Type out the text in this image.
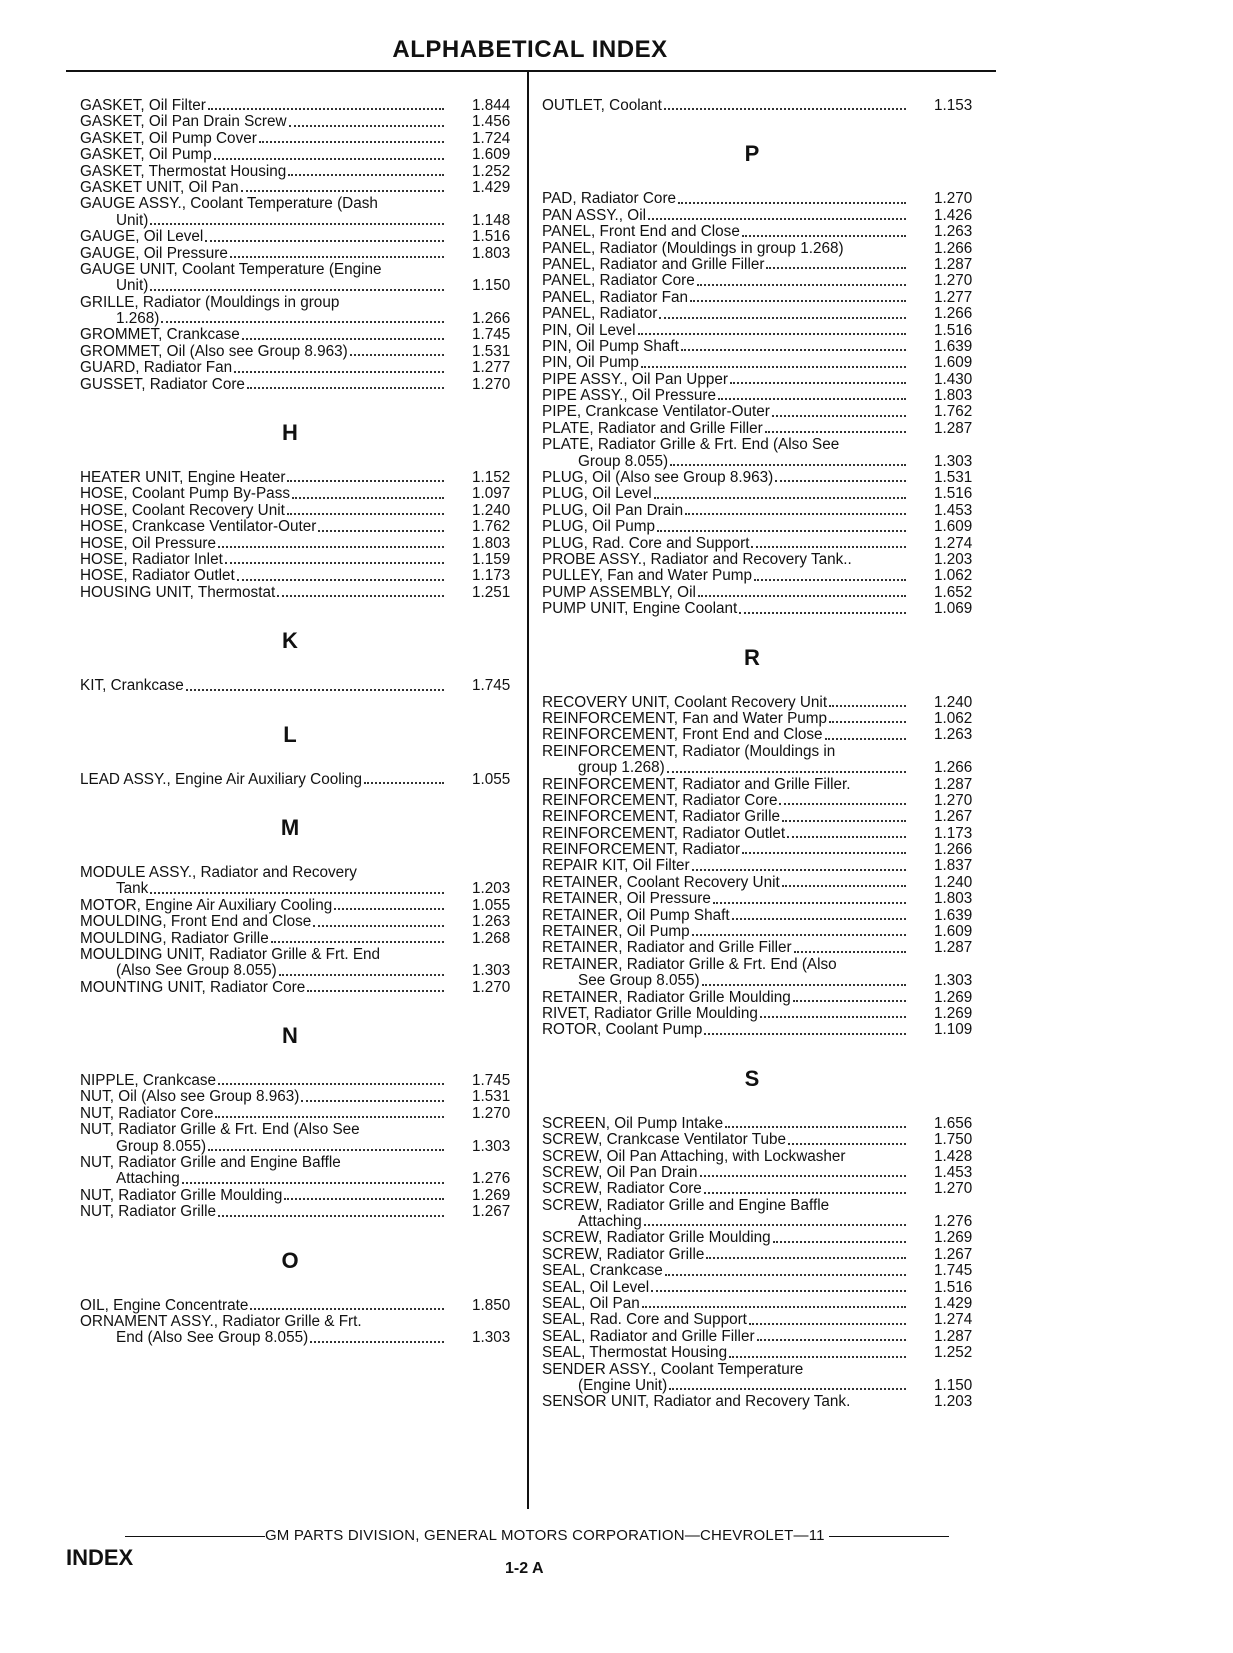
ALPHABETICAL INDEX
GASKET, Oil Filter	1.844
GASKET, Oil Pan Drain Screw	1.456
GASKET, Oil Pump Cover	1.724
GASKET, Oil Pump	1.609
GASKET, Thermostat Housing	1.252
GASKET UNIT, Oil Pan	1.429
GAUGE ASSY., Coolant Temperature (Dash
Unit)	1.148
GAUGE, Oil Level	1.516
GAUGE, Oil Pressure	1.803
GAUGE UNIT, Coolant Temperature (Engine
Unit)	1.150
GRILLE, Radiator (Mouldings in group
1.268)	1.266
GROMMET, Crankcase	1.745
GROMMET, Oil (Also see Group 8.963)	1.531
GUARD, Radiator Fan	1.277
GUSSET, Radiator Core	1.270
H
HEATER UNIT, Engine Heater	1.152
HOSE, Coolant Pump By-Pass	1.097
HOSE, Coolant Recovery Unit	1.240
HOSE, Crankcase Ventilator-Outer	1.762
HOSE, Oil Pressure	1.803
HOSE, Radiator Inlet	1.159
HOSE, Radiator Outlet	1.173
HOUSING UNIT, Thermostat	1.251
K
KIT, Crankcase	1.745
L
LEAD ASSY., Engine Air Auxiliary Cooling	1.055
M
MODULE ASSY., Radiator and Recovery
Tank	1.203
MOTOR, Engine Air Auxiliary Cooling	1.055
MOULDING, Front End and Close	1.263
MOULDING, Radiator Grille	1.268
MOULDING UNIT, Radiator Grille & Frt. End
(Also See Group 8.055)	1.303
MOUNTING UNIT, Radiator Core	1.270
N
NIPPLE, Crankcase	1.745
NUT, Oil (Also see Group 8.963)	1.531
NUT, Radiator Core	1.270
NUT, Radiator Grille & Frt. End (Also See
Group 8.055)	1.303
NUT, Radiator Grille and Engine Baffle
Attaching	1.276
NUT, Radiator Grille Moulding	1.269
NUT, Radiator Grille	1.267
O
OIL, Engine Concentrate	1.850
ORNAMENT ASSY., Radiator Grille & Frt.
End (Also See Group 8.055)	1.303
OUTLET, Coolant	1.153
P
PAD, Radiator Core	1.270
PAN ASSY., Oil	1.426
PANEL, Front End and Close	1.263
PANEL, Radiator (Mouldings in group 1.268)	1.266
PANEL, Radiator and Grille Filler	1.287
PANEL, Radiator Core	1.270
PANEL, Radiator Fan	1.277
PANEL, Radiator	1.266
PIN, Oil Level	1.516
PIN, Oil Pump Shaft	1.639
PIN, Oil Pump	1.609
PIPE ASSY., Oil Pan Upper	1.430
PIPE ASSY., Oil Pressure	1.803
PIPE, Crankcase Ventilator-Outer	1.762
PLATE, Radiator and Grille Filler	1.287
PLATE, Radiator Grille & Frt. End (Also See
Group 8.055)	1.303
PLUG, Oil (Also see Group 8.963)	1.531
PLUG, Oil Level	1.516
PLUG, Oil Pan Drain	1.453
PLUG, Oil Pump	1.609
PLUG, Rad. Core and Support	1.274
PROBE ASSY., Radiator and Recovery Tank..	1.203
PULLEY, Fan and Water Pump	1.062
PUMP ASSEMBLY, Oil	1.652
PUMP UNIT, Engine Coolant	1.069
R
RECOVERY UNIT, Coolant Recovery Unit	1.240
REINFORCEMENT, Fan and Water Pump	1.062
REINFORCEMENT, Front End and Close	1.263
REINFORCEMENT, Radiator (Mouldings in
group 1.268)	1.266
REINFORCEMENT, Radiator and Grille Filler.	1.287
REINFORCEMENT, Radiator Core	1.270
REINFORCEMENT, Radiator Grille	1.267
REINFORCEMENT, Radiator Outlet	1.173
REINFORCEMENT, Radiator	1.266
REPAIR KIT, Oil Filter	1.837
RETAINER, Coolant Recovery Unit	1.240
RETAINER, Oil Pressure	1.803
RETAINER, Oil Pump Shaft	1.639
RETAINER, Oil Pump	1.609
RETAINER, Radiator and Grille Filler	1.287
RETAINER, Radiator Grille & Frt. End (Also
See Group 8.055)	1.303
RETAINER, Radiator Grille Moulding	1.269
RIVET, Radiator Grille Moulding	1.269
ROTOR, Coolant Pump	1.109
S
SCREEN, Oil Pump Intake	1.656
SCREW, Crankcase Ventilator Tube	1.750
SCREW, Oil Pan Attaching, with Lockwasher	1.428
SCREW, Oil Pan Drain	1.453
SCREW, Radiator Core	1.270
SCREW, Radiator Grille and Engine Baffle
Attaching	1.276
SCREW, Radiator Grille Moulding	1.269
SCREW, Radiator Grille	1.267
SEAL, Crankcase	1.745
SEAL, Oil Level	1.516
SEAL, Oil Pan	1.429
SEAL, Rad. Core and Support	1.274
SEAL, Radiator and Grille Filler	1.287
SEAL, Thermostat Housing	1.252
SENDER ASSY., Coolant Temperature
(Engine Unit)	1.150
SENSOR UNIT, Radiator and Recovery Tank.	1.203
GM PARTS DIVISION, GENERAL MOTORS CORPORATION—CHEVROLET—11
INDEX	1-2 A
